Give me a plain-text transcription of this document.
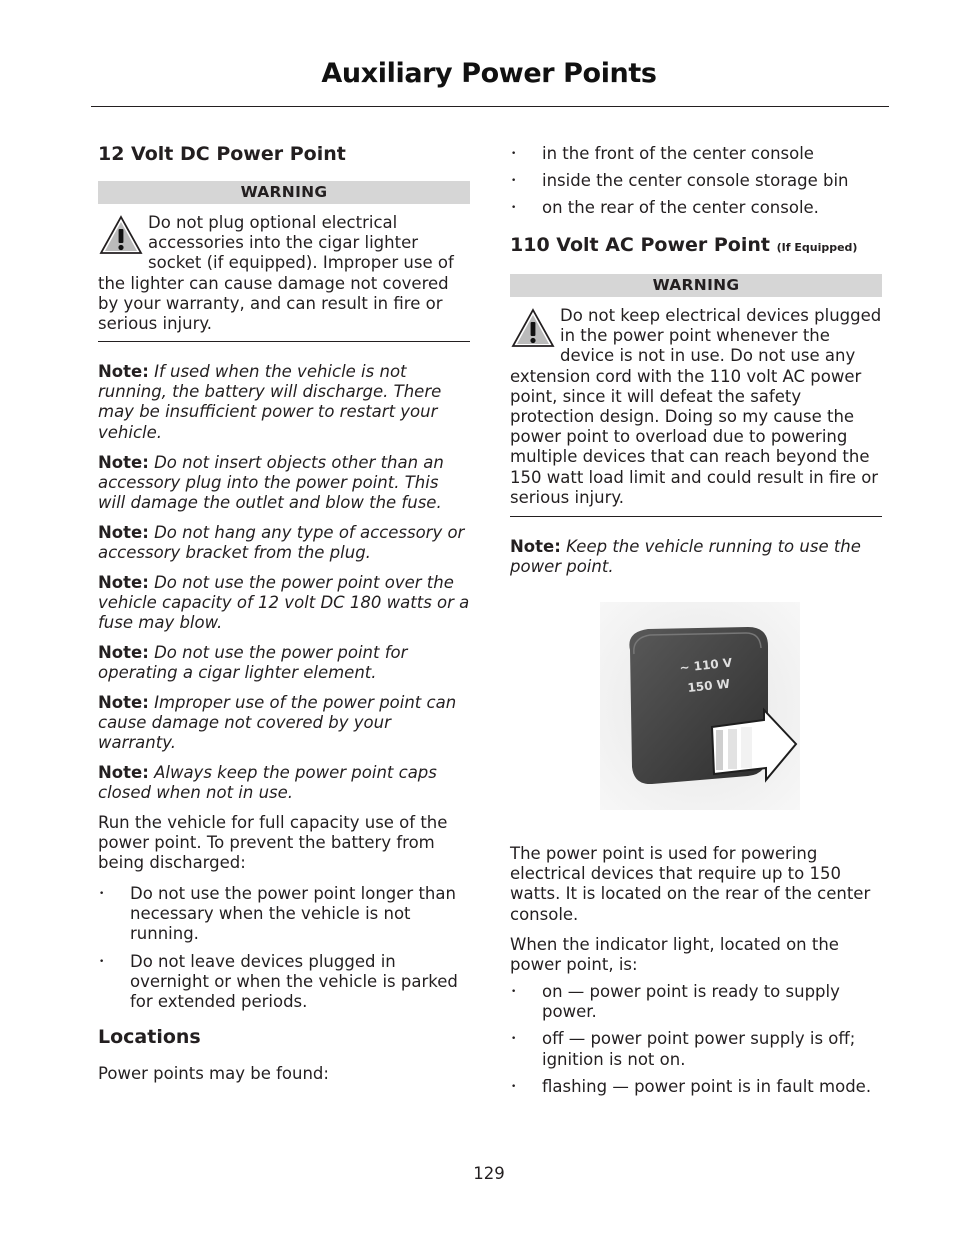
Auxiliary Power Points
12 Volt DC Power Point
WARNING
Do not plug optional electrical accessories into the cigar lighter socket (if equipped). Improper use of the lighter can cause damage not covered by your warranty, and can result in fire or serious injury.
Note: If used when the vehicle is not running, the battery will discharge. There may be insufficient power to restart your vehicle.
Note: Do not insert objects other than an accessory plug into the power point. This will damage the outlet and blow the fuse.
Note: Do not hang any type of accessory or accessory bracket from the plug.
Note: Do not use the power point over the vehicle capacity of 12 volt DC 180 watts or a fuse may blow.
Note: Do not use the power point for operating a cigar lighter element.
Note: Improper use of the power point can cause damage not covered by your warranty.
Note: Always keep the power point caps closed when not in use.
Run the vehicle for full capacity use of the power point. To prevent the battery from being discharged:
• Do not use the power point longer than necessary when the vehicle is not running.
• Do not leave devices plugged in overnight or when the vehicle is parked for extended periods.
Locations
Power points may be found:
• in the front of the center console
• inside the center console storage bin
• on the rear of the center console.
110 Volt AC Power Point (If Equipped)
WARNING
Do not keep electrical devices plugged in the power point whenever the device is not in use. Do not use any extension cord with the 110 volt AC power point, since it will defeat the safety protection design. Doing so my cause the power point to overload due to powering multiple devices that can reach beyond the 150 watt load limit and could result in fire or serious injury.
Note: Keep the vehicle running to use the power point.
~ 110 V
150 W
The power point is used for powering electrical devices that require up to 150 watts. It is located on the rear of the center console.
When the indicator light, located on the power point, is:
• on — power point is ready to supply power.
• off — power point power supply is off; ignition is not on.
• flashing — power point is in fault mode.
129
